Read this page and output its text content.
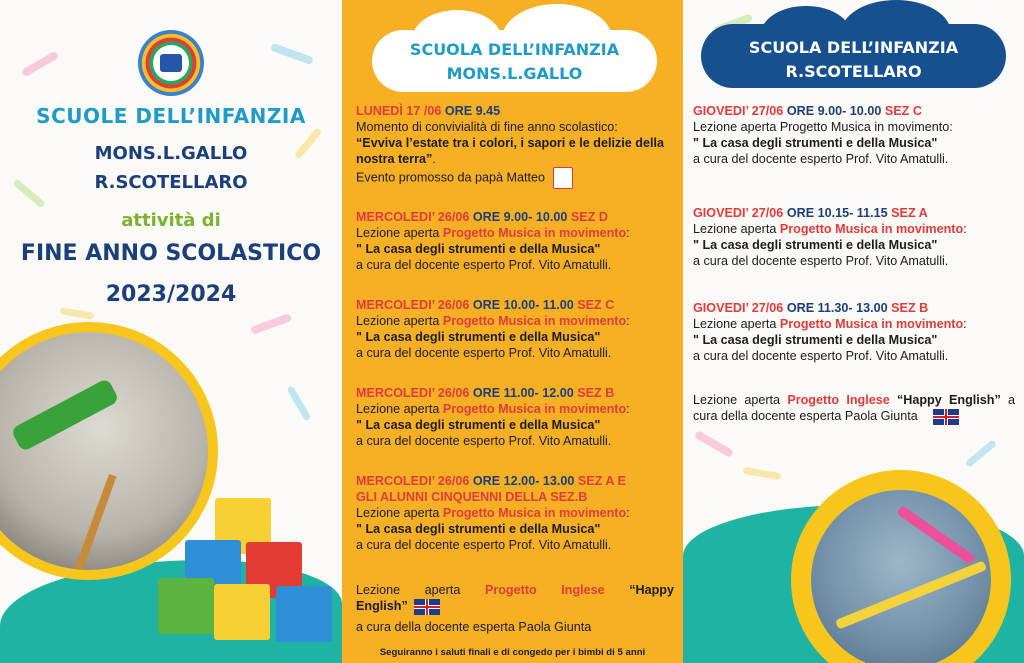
SCUOLE DELL’INFANZIA
MONS.L.GALLO
R.SCOTELLARO
attività di
FINE ANNO SCOLASTICO
2023/2024
SCUOLA DELL’INFANZIA
MONS.L.GALLO
LUNEDÌ 17 /06 ORE 9.45
Momento di convivialità di fine anno scolastico:
“Evviva l’estate tra i colori, i sapori e le delizie della nostra terra”.
Evento promosso da papà Matteo
MERCOLEDI’ 26/06 ORE 9.00- 10.00 SEZ D
Lezione aperta Progetto Musica in movimento:
" La casa degli strumenti e della Musica"
a cura del docente esperto Prof. Vito Amatulli.
MERCOLEDI’ 26/06 ORE 10.00- 11.00 SEZ C
Lezione aperta Progetto Musica in movimento:
" La casa degli strumenti e della Musica"
a cura del docente esperto Prof. Vito Amatulli.
MERCOLEDI’ 26/06 ORE 11.00- 12.00 SEZ B
Lezione aperta Progetto Musica in movimento:
" La casa degli strumenti e della Musica"
a cura del docente esperto Prof. Vito Amatulli.
MERCOLEDI’ 26/06 ORE 12.00- 13.00 SEZ A E
GLI ALUNNI CINQUENNI DELLA SEZ.B
Lezione aperta Progetto Musica in movimento:
" La casa degli strumenti e della Musica"
a cura del docente esperto Prof. Vito Amatulli.
Lezione aperta Progetto Inglese “Happy English”
a cura della docente esperta Paola Giunta
Seguiranno i saluti finali e di congedo per i bimbi di 5 anni
SCUOLA DELL’INFANZIA
R.SCOTELLARO
GIOVEDI’ 27/06 ORE 9.00- 10.00 SEZ C
Lezione aperta Progetto Musica in movimento:
" La casa degli strumenti e della Musica"
a cura del docente esperto Prof. Vito Amatulli.
GIOVEDI’ 27/06 ORE 10.15- 11.15 SEZ A
Lezione aperta Progetto Musica in movimento:
" La casa degli strumenti e della Musica"
a cura del docente esperto Prof. Vito Amatulli.
GIOVEDI’ 27/06 ORE 11.30- 13.00 SEZ B
Lezione aperta Progetto Musica in movimento:
" La casa degli strumenti e della Musica"
a cura del docente esperto Prof. Vito Amatulli.
Lezione aperta Progetto Inglese “Happy English” a cura della docente esperta Paola Giunta
